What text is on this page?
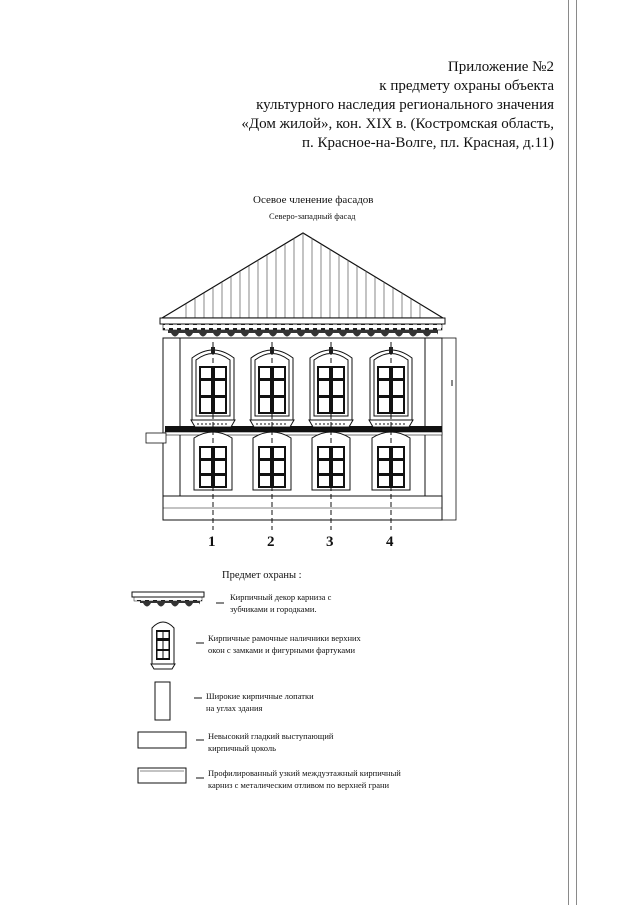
Приложение №2
к предмету охраны объекта
культурного наследия регионального значения
«Дом жилой», кон. XIX в. (Костромская область,
п. Красное-на-Волге, пл. Красная, д.11)
Осевое членение фасадов
Северо-западный фасад
1	2	3	4
Предмет охраны :
Кирпичный декор карниза с
зубчиками и городками.
Кирпичные рамочные наличники верхних
окон с замками и фигурными фартуками
Широкие кирпичные лопатки
на углах здания
Невысокий гладкий выступающий
кирпичный цоколь
Профилированный узкий междуэтажный кирпичный
карниз с металическим отливом по верхней грани
